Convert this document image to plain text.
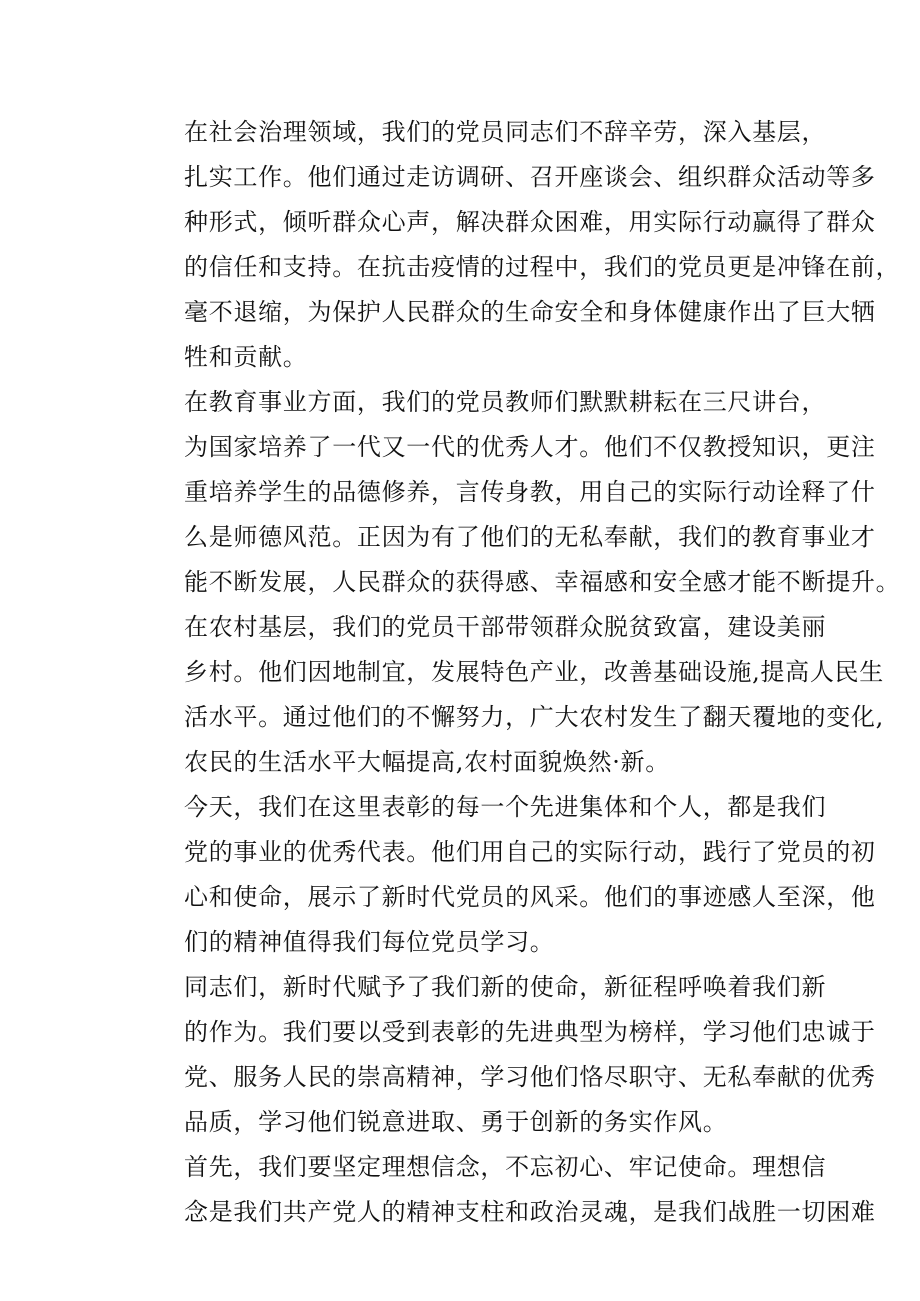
在社会治理领域，我们的党员同志们不辞辛劳，深入基层，
扎实工作。他们通过走访调研、召开座谈会、组织群众活动等多
种形式，倾听群众心声，解决群众困难，用实际行动赢得了群众
的信任和支持。在抗击疫情的过程中，我们的党员更是冲锋在前，
毫不退缩，为保护人民群众的生命安全和身体健康作出了巨大牺
牲和贡献。

在教育事业方面，我们的党员教师们默默耕耘在三尺讲台，
为国家培养了一代又一代的优秀人才。他们不仅教授知识，更注
重培养学生的品德修养，言传身教，用自己的实际行动诠释了什
么是师德风范。正因为有了他们的无私奉献，我们的教育事业才
能不断发展，人民群众的获得感、幸福感和安全感才能不断提升。

在农村基层，我们的党员干部带领群众脱贫致富，建设美丽
乡村。他们因地制宜，发展特色产业，改善基础设施,提高人民生
活水平。通过他们的不懈努力，广大农村发生了翻天覆地的变化,
农民的生活水平大幅提高,农村面貌焕然·新。

今天，我们在这里表彰的每一个先进集体和个人，都是我们
党的事业的优秀代表。他们用自己的实际行动，践行了党员的初
心和使命，展示了新时代党员的风采。他们的事迹感人至深，他
们的精神值得我们每位党员学习。

同志们，新时代赋予了我们新的使命，新征程呼唤着我们新
的作为。我们要以受到表彰的先进典型为榜样，学习他们忠诚于
党、服务人民的崇高精神，学习他们恪尽职守、无私奉献的优秀
品质，学习他们锐意进取、勇于创新的务实作风。

首先，我们要坚定理想信念，不忘初心、牢记使命。理想信
念是我们共产党人的精神支柱和政治灵魂，是我们战胜一切困难
